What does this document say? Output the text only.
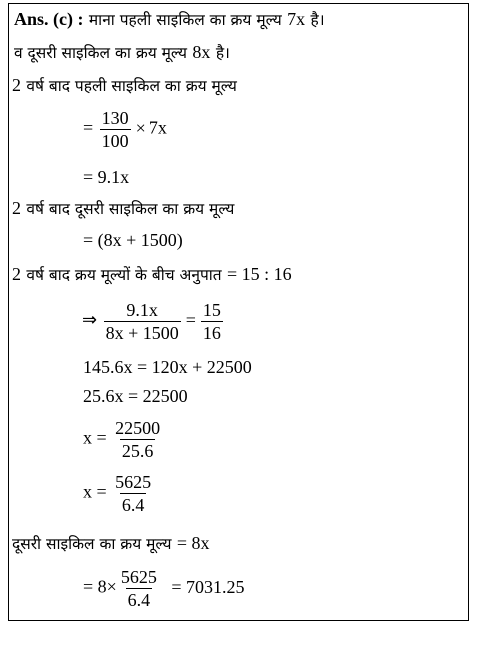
Ans. (c) : माना पहली साइकिल का क्रय मूल्य 7x है।
व दूसरी साइकिल का क्रय मूल्य 8x है।
2 वर्ष बाद पहली साइकिल का क्रय मूल्य
= $\frac{130}{100} \times 7x$
= 9.1x
2 वर्ष बाद दूसरी साइकिल का क्रय मूल्य
= (8x + 1500)
2 वर्ष बाद क्रय मूल्यों के बीच अनुपात = 15 : 16
⇒ $\frac{9.1x}{8x + 1500} = \frac{15}{16}$
145.6x = 120x + 22500
25.6x = 22500
$x = \frac{22500}{25.6}$
$x = \frac{5625}{6.4}$
दूसरी साइकिल का क्रय मूल्य = 8x
= $8\times \frac{5625}{6.4} = 7031.25$
